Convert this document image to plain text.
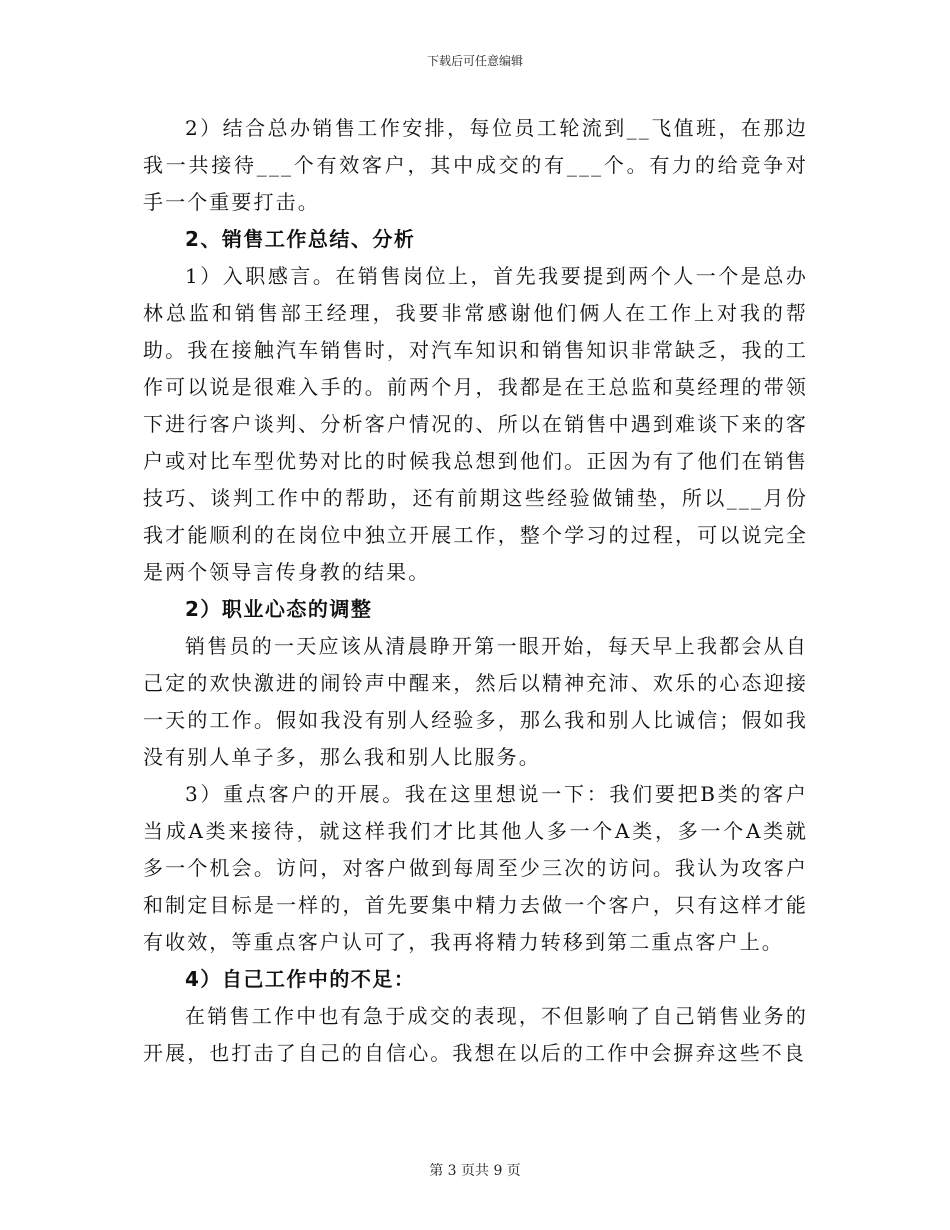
下载后可任意编辑

2）结合总办销售工作安排，每位员工轮流到__飞值班，在那边我一共接待___个有效客户，其中成交的有___个。有力的给竞争对手一个重要打击。

2、销售工作总结、分析

1）入职感言。在销售岗位上，首先我要提到两个人一个是总办林总监和销售部王经理，我要非常感谢他们俩人在工作上对我的帮助。我在接触汽车销售时，对汽车知识和销售知识非常缺乏，我的工作可以说是很难入手的。前两个月，我都是在王总监和莫经理的带领下进行客户谈判、分析客户情况的、所以在销售中遇到难谈下来的客户或对比车型优势对比的时候我总想到他们。正因为有了他们在销售技巧、谈判工作中的帮助，还有前期这些经验做铺垫，所以___月份我才能顺利的在岗位中独立开展工作，整个学习的过程，可以说完全是两个领导言传身教的结果。

2）职业心态的调整

销售员的一天应该从清晨睁开第一眼开始，每天早上我都会从自己定的欢快激进的闹铃声中醒来，然后以精神充沛、欢乐的心态迎接一天的工作。假如我没有别人经验多，那么我和别人比诚信；假如我没有别人单子多，那么我和别人比服务。

3）重点客户的开展。我在这里想说一下：我们要把B类的客户当成A类来接待，就这样我们才比其他人多一个A类，多一个A类就多一个机会。访问，对客户做到每周至少三次的访问。我认为攻客户和制定目标是一样的，首先要集中精力去做一个客户，只有这样才能有收效，等重点客户认可了，我再将精力转移到第二重点客户上。

4）自己工作中的不足：

在销售工作中也有急于成交的表现，不但影响了自己销售业务的开展，也打击了自己的自信心。我想在以后的工作中会摒弃这些不良

第 3 页共 9 页
